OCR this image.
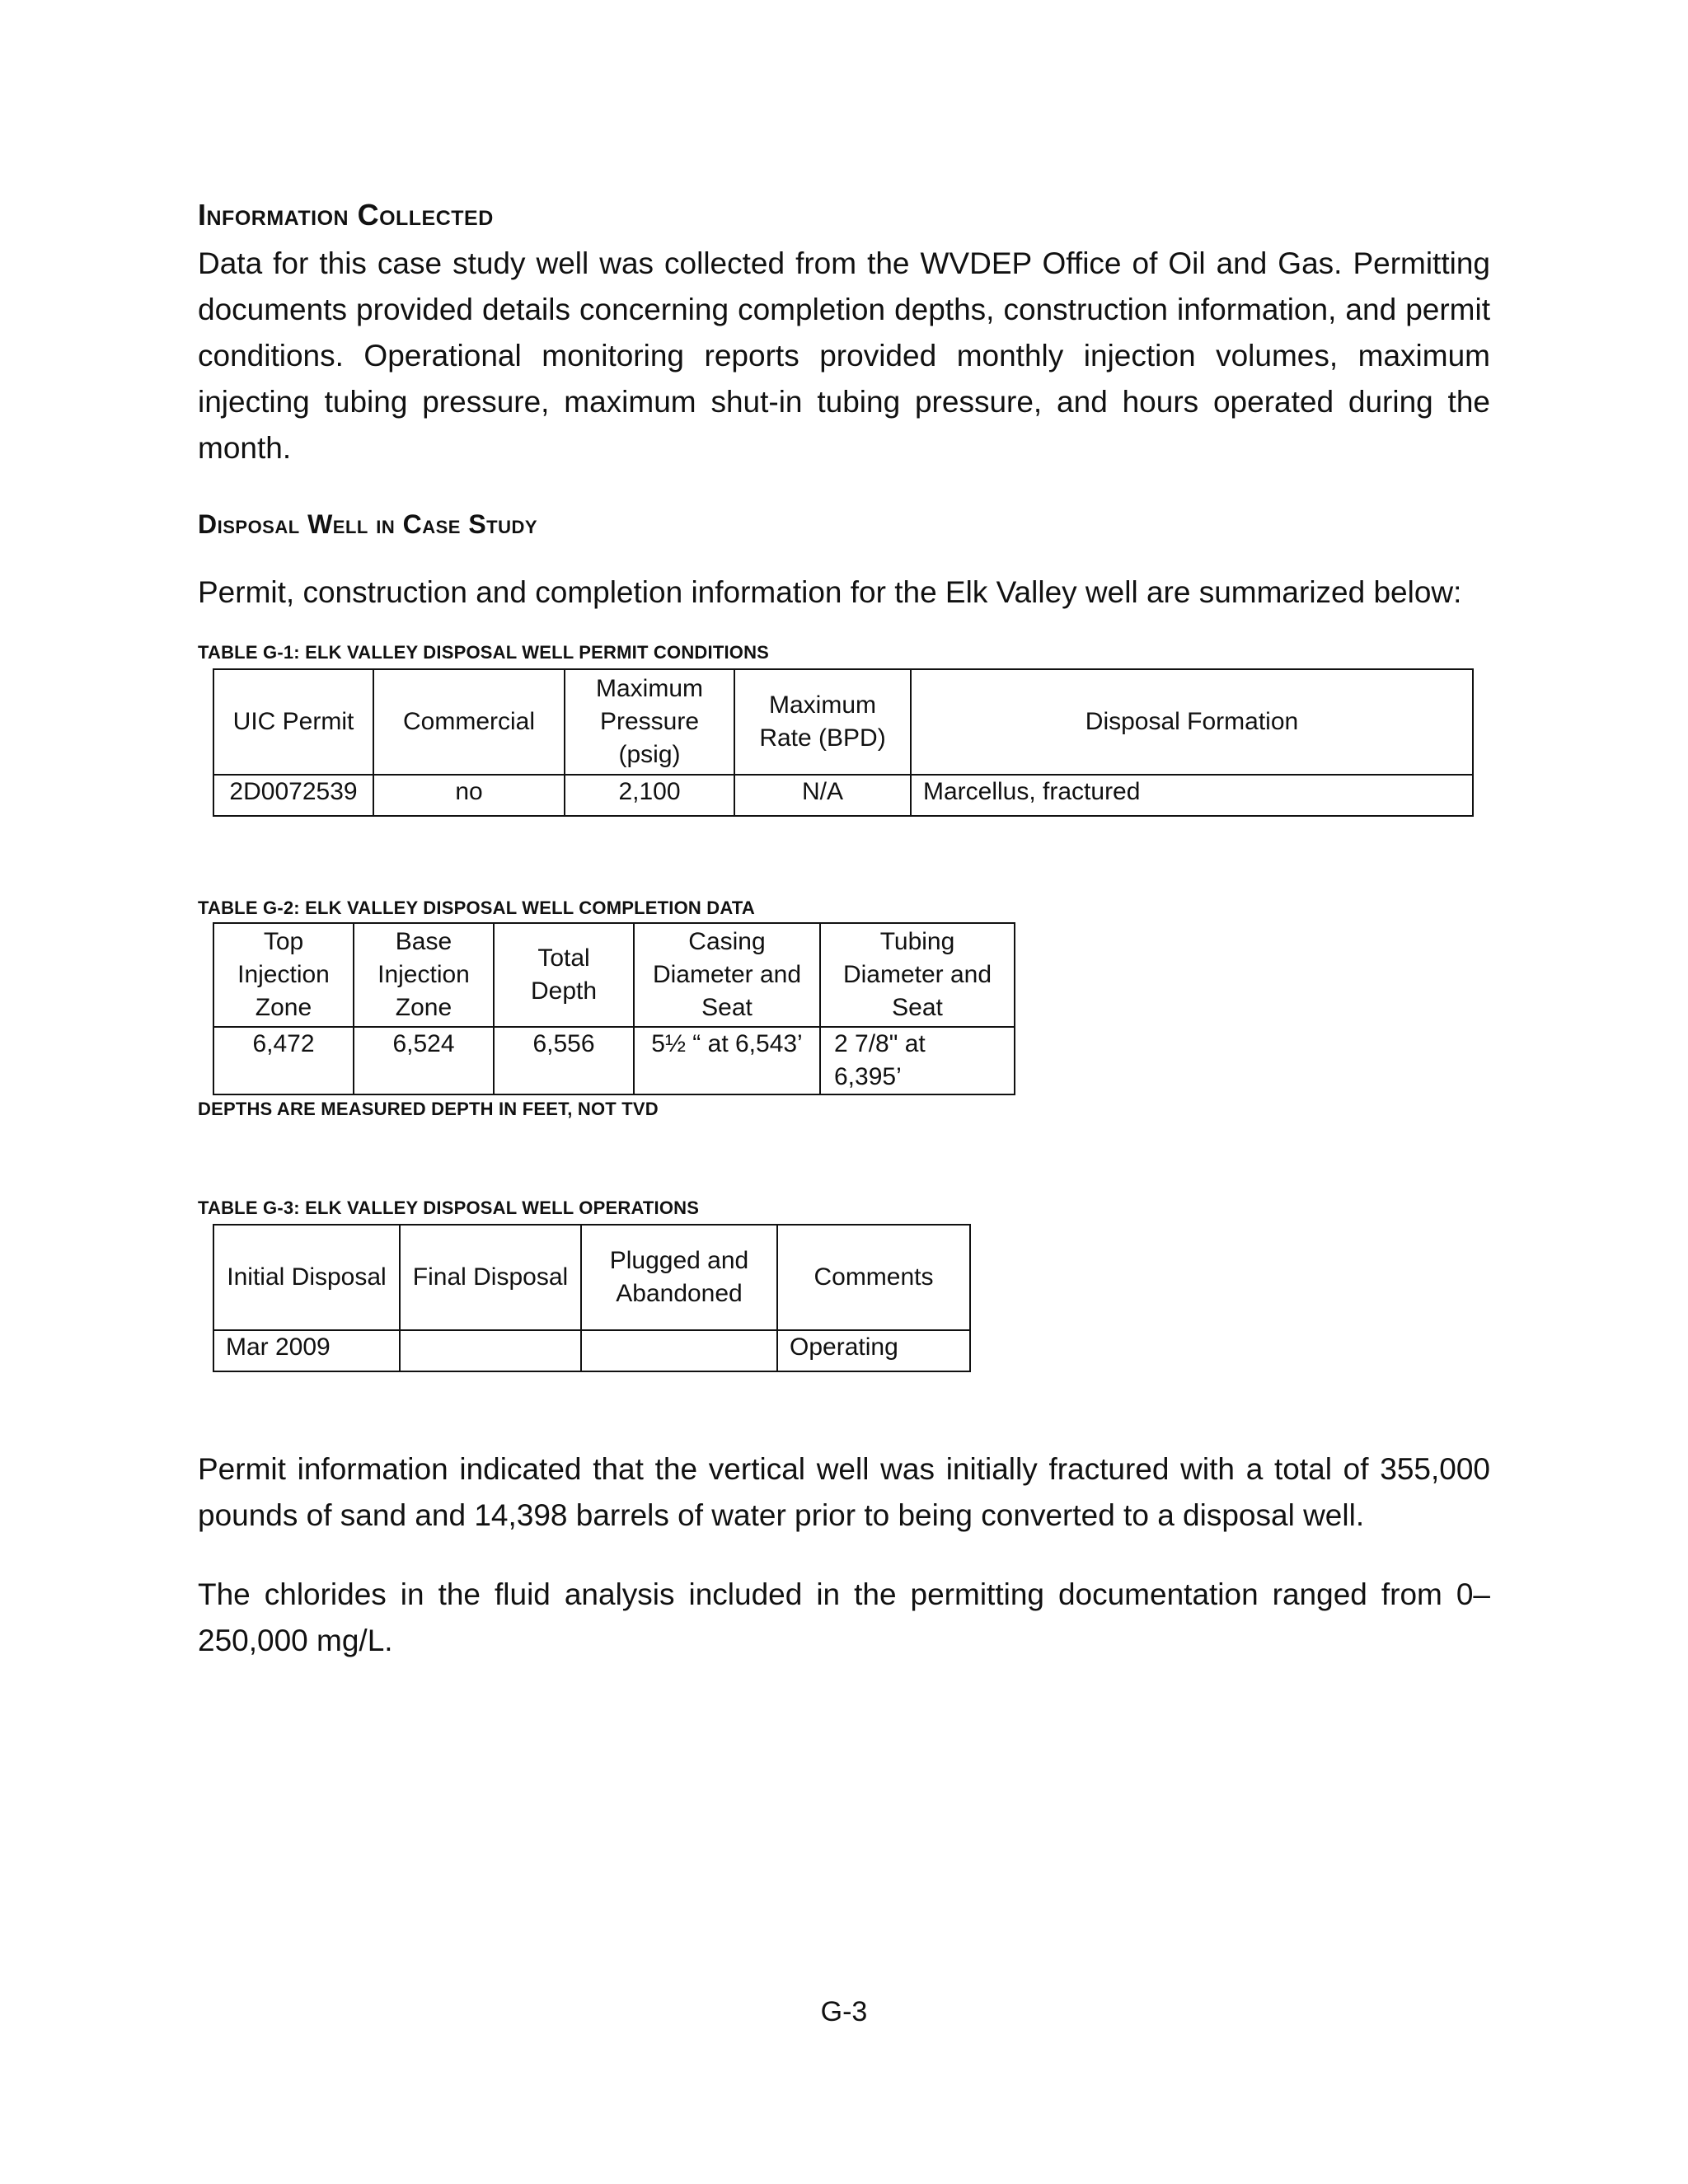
Information Collected

Data for this case study well was collected from the WVDEP Office of Oil and Gas. Permitting documents provided details concerning completion depths, construction information, and permit conditions. Operational monitoring reports provided monthly injection volumes, maximum injecting tubing pressure, maximum shut-in tubing pressure, and hours operated during the month.

Disposal Well in Case Study

Permit, construction and completion information for the Elk Valley well are summarized below:

TABLE G-1: ELK VALLEY DISPOSAL WELL PERMIT CONDITIONS

UIC Permit	Commercial	Maximum Pressure (psig)	Maximum Rate (BPD)	Disposal Formation
2D0072539	no	2,100	N/A	Marcellus, fractured

TABLE G-2: ELK VALLEY DISPOSAL WELL COMPLETION DATA

Top Injection Zone	Base Injection Zone	Total Depth	Casing Diameter and Seat	Tubing Diameter and Seat
6,472	6,524	6,556	5½ “ at 6,543’	2 7/8" at 6,395’

DEPTHS ARE MEASURED DEPTH IN FEET, NOT TVD

TABLE G-3: ELK VALLEY DISPOSAL WELL OPERATIONS

Initial Disposal	Final Disposal	Plugged and Abandoned	Comments
Mar 2009			Operating

Permit information indicated that the vertical well was initially fractured with a total of 355,000 pounds of sand and 14,398 barrels of water prior to being converted to a disposal well.

The chlorides in the fluid analysis included in the permitting documentation ranged from 0–250,000 mg/L.

G-3
